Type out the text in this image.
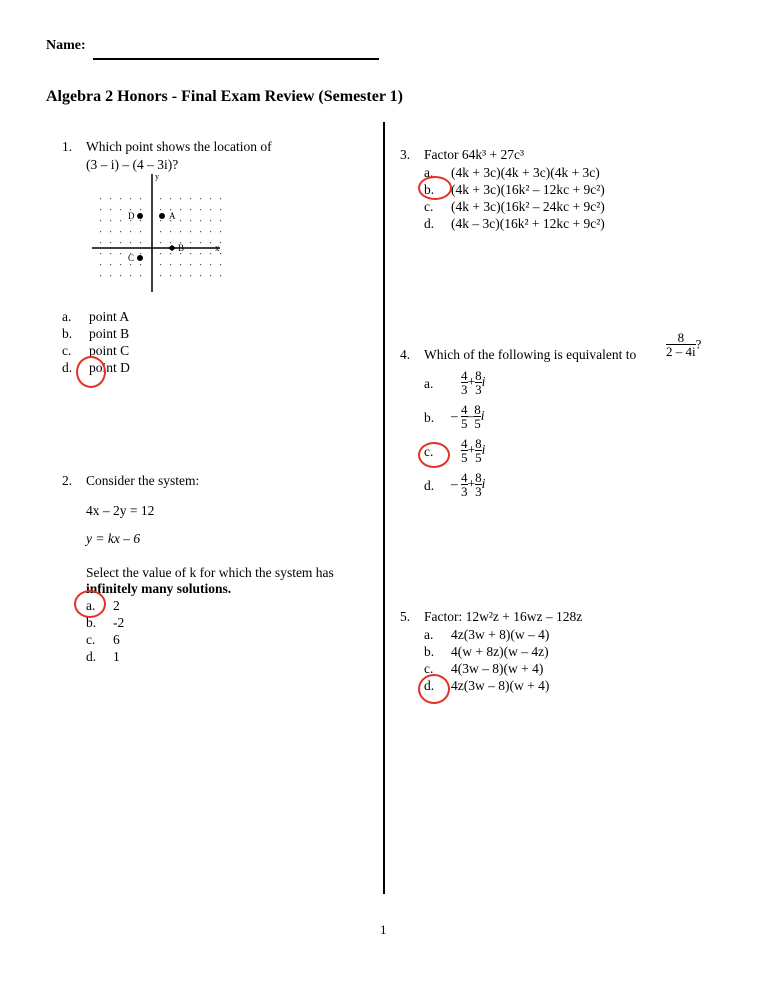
Name:
Algebra 2 Honors - Final Exam Review (Semester 1)
1. Which point shows the location of
(3 – i) – (4 – 3i)?
y
x
D	A
B
C
a. point A
b. point B
c. point C
d. point D
2. Consider the system:
4x – 2y = 12
y = kx – 6
Select the value of k for which the system has
infinitely many solutions.
a. 2
b. -2
c. 6
d. 1
3. Factor 64k³ + 27c³
a. (4k + 3c)(4k + 3c)(4k + 3c)
b. (4k + 3c)(16k² – 12kc + 9c²)
c. (4k + 3c)(16k² – 24kc + 9c²)
d. (4k – 3c)(16k² + 12kc + 9c²)
4. Which of the following is equivalent to $\frac{8}{2 - 4i}$ ?
a. $\frac{4}{3} + \frac{8}{3}$ i
b. – $\frac{4}{5} - \frac{8}{5}$ i
c. $\frac{4}{5} + \frac{8}{5}$ i
d. – $\frac{4}{3} + \frac{8}{3}$ i
5. Factor: 12w²z + 16wz – 128z
a. 4z(3w + 8)(w – 4)
b. 4(w + 8z)(w – 4z)
c. 4(3w – 8)(w + 4)
d. 4z(3w – 8)(w + 4)
1
